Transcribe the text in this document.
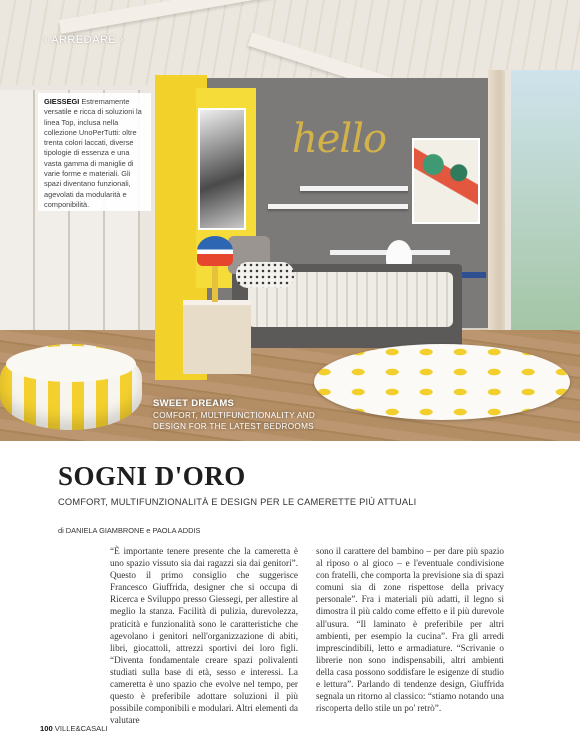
hello
‹ ARREDARE ›

GIESSEGI Estremamente versatile e ricca di soluzioni la linea Top, inclusa nella collezione UnoPerTutti: oltre trenta colori laccati, diverse tipologie di essenza e una vasta gamma di maniglie di varie forme e materiali. Gli spazi diventano funzionali, agevolati da modularità e componibilità.

SWEET DREAMS
COMFORT, MULTIFUNCTIONALITY AND
DESIGN FOR THE LATEST BEDROOMS
SOGNI D'ORO
COMFORT, MULTIFUNZIONALITÀ E DESIGN PER LE CAMERETTE PIÙ ATTUALI
di DANIELA GIAMBRONE e PAOLA ADDIS

“È importante tenere presente che la cameretta è uno spazio vissuto sia dai ragazzi sia dai genitori”. Questo il primo consiglio che suggerisce Francesco Giuffrida, designer che si occupa di Ricerca e Sviluppo presso Giessegi, per allestire al meglio la stanza. Facilità di pulizia, durevolezza, praticità e funzionalità sono le caratteristiche che agevolano i genitori nell'organizzazione di abiti, libri, giocattoli, attrezzi sportivi dei loro figli. “Diventa fondamentale creare spazi polivalenti studiati sulla base di età, sesso e interessi. La cameretta è uno spazio che evolve nel tempo, per questo è preferibile adottare soluzioni il più possibile componibili e modulari. Altri elementi da valutare

sono il carattere del bambino – per dare più spazio al riposo o al gioco – e l'eventuale condivisione con fratelli, che comporta la previsione sia di spazi comuni sia di zone rispettose della privacy personale”. Fra i materiali più adatti, il legno si dimostra il più caldo come effetto e il più durevole all'usura. “Il laminato è preferibile per altri ambienti, per esempio la cucina”. Fra gli arredi imprescindibili, letto e armadiature. “Scrivanie o librerie non sono indispensabili, altri ambienti della casa possono soddisfare le esigenze di studio e lettura”. Parlando di tendenze design, Giuffrida segnala un ritorno al classico: “stiamo notando una riscoperta dello stile un po' retrò”.

100 VILLE&CASALI
